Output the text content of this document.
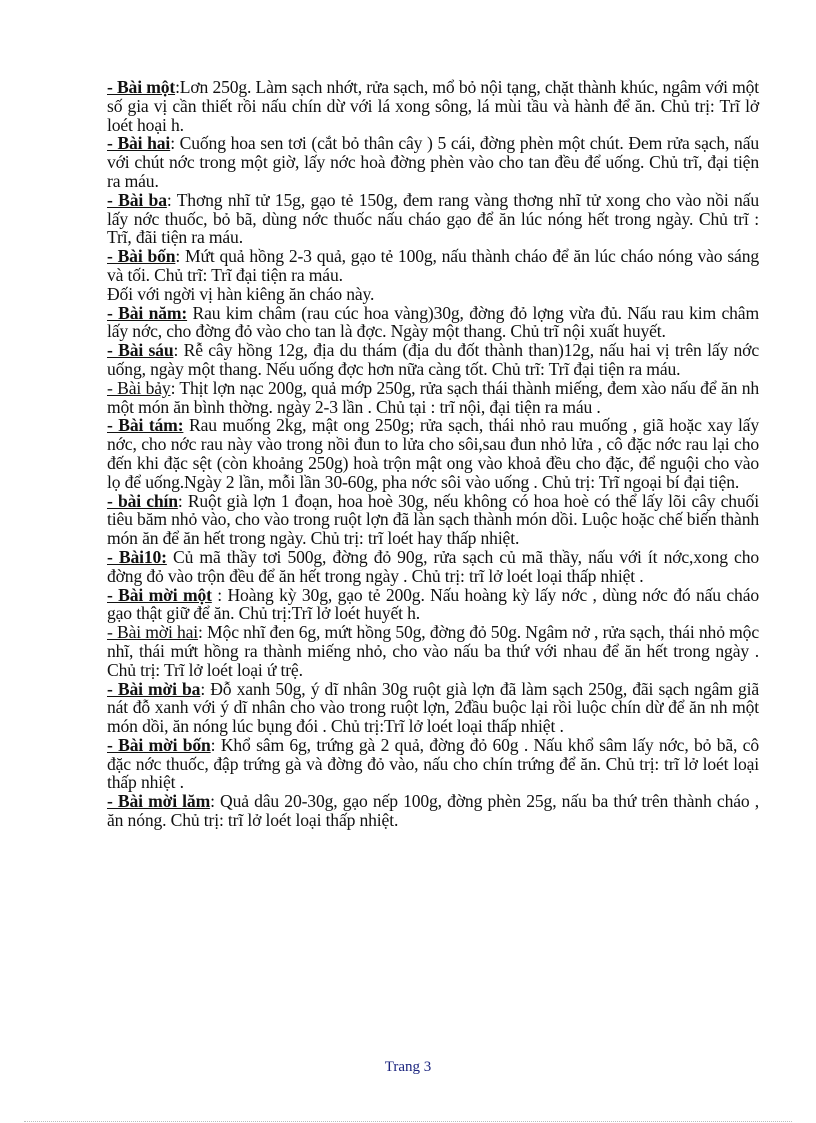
- Bài một:Lơn 250g. Làm sạch nhớt, rửa sạch, mổ bỏ nội tạng, chặt thành khúc, ngâm với một số gia vị cần thiết rồi nấu chín dừ với lá xong sông, lá mùi tầu và hành để ăn. Chủ trị: Trĩ lở loét hoại h.

- Bài hai: Cuống hoa sen tơi (cắt bỏ thân cây ) 5 cái, đờng phèn một chút. Đem rửa sạch, nấu với chút nớc trong một giờ, lấy nớc hoà đờng phèn vào cho tan đều để uống. Chủ trĩ, đại tiện ra máu.

- Bài ba: Thơng nhĩ tử 15g, gạo tẻ 150g, đem rang vàng thơng nhĩ tử xong cho vào nồi nấu lấy nớc thuốc, bỏ bã, dùng nớc thuốc nấu cháo gạo để ăn lúc nóng hết trong ngày. Chủ trĩ : Trĩ, đãi tiện ra máu.

- Bài bốn: Mứt quả hồng 2-3 quả, gạo tẻ 100g, nấu thành cháo để ăn lúc cháo nóng vào sáng và tối. Chủ trĩ: Trĩ đại tiện ra máu.

Đối với ngời vị hàn kiêng ăn cháo này.

- Bài năm: Rau kim châm (rau cúc hoa vàng)30g, đờng đỏ lợng vừa đủ. Nấu rau kim châm lấy nớc, cho đờng đỏ vào cho tan là đợc. Ngày một thang. Chủ trĩ nội xuất huyết.

- Bài sáu: Rễ cây hồng 12g, địa du thám (địa du đốt thành than)12g, nấu hai vị trên lấy nớc uống, ngày một thang. Nếu uống đợc hơn nữa càng tốt. Chủ trĩ: Trĩ đại tiện ra máu.

- Bài bảy: Thịt lợn nạc 200g, quả mớp 250g, rửa sạch thái thành miếng, đem xào nấu để ăn nh một món ăn bình thờng. ngày 2-3 lần . Chủ tại : trĩ nội, đại tiện ra máu .

- Bài tám: Rau muống 2kg, mật ong 250g; rửa sạch, thái nhỏ rau muống , giã hoặc xay lấy nớc, cho nớc rau này vào trong nồi đun to lửa cho sôi,sau đun nhỏ lửa , cô đặc nớc rau lại cho đến khi đặc sệt (còn khoảng 250g) hoà trộn mật ong vào khoả đều cho đặc, để nguội cho vào lọ để uống.Ngày 2 lần, mỗi lần 30-60g, pha nớc sôi vào uống . Chủ trị: Trĩ ngoại bí đại tiện.

- bài chín: Ruột già lợn 1 đoạn, hoa hoè 30g, nếu không có hoa hoè có thể lấy lõi cây chuối tiêu băm nhỏ vào, cho vào trong ruột lợn đã làn sạch thành món dồi. Luộc hoặc chế biến thành món ăn để ăn hết trong ngày. Chủ trị: trĩ loét hay thấp nhiệt.

- Bài10: Củ mã thầy tơi 500g, đờng đỏ 90g, rửa sạch củ mã thầy, nấu với ít nớc,xong cho đờng đỏ vào trộn đều để ăn hết trong ngày . Chủ trị: trĩ lở loét loại thấp nhiệt .

- Bài mời một : Hoàng kỳ 30g, gạo tẻ 200g. Nấu hoàng kỳ lấy nớc , dùng nớc đó nấu cháo gạo thật giữ để ăn. Chủ trị:Trĩ lở loét huyết h.

- Bài mời hai: Mộc nhĩ đen 6g, mứt hồng 50g, đờng đỏ 50g. Ngâm nở , rửa sạch, thái nhỏ mộc nhĩ, thái mứt hồng ra thành miếng nhỏ, cho vào nấu ba thứ với nhau để ăn hết trong ngày . Chủ trị: Trĩ lở loét loại ứ trệ.

- Bài mời ba: Đỗ xanh 50g, ý dĩ nhân 30g ruột già lợn đã làm sạch 250g, đãi sạch ngâm giã nát đỗ xanh với ý dĩ nhân cho vào trong ruột lợn, 2đầu buộc lại rồi luộc chín dừ để ăn nh một món dồi, ăn nóng lúc bụng đói . Chủ trị:Trĩ lở loét loại thấp nhiệt .

- Bài mời bốn: Khổ sâm 6g, trứng gà 2 quả, đờng đỏ 60g . Nấu khổ sâm lấy nớc, bỏ bã, cô đặc nớc thuốc, đập trứng gà và đờng đỏ vào, nấu cho chín trứng để ăn. Chủ trị: trĩ lở loét loại thấp nhiệt .

- Bài mời lăm: Quả dâu 20-30g, gạo nếp 100g, đờng phèn 25g, nấu ba thứ trên thành cháo , ăn nóng. Chủ trị: trĩ lở loét loại thấp nhiệt.

Trang 3
